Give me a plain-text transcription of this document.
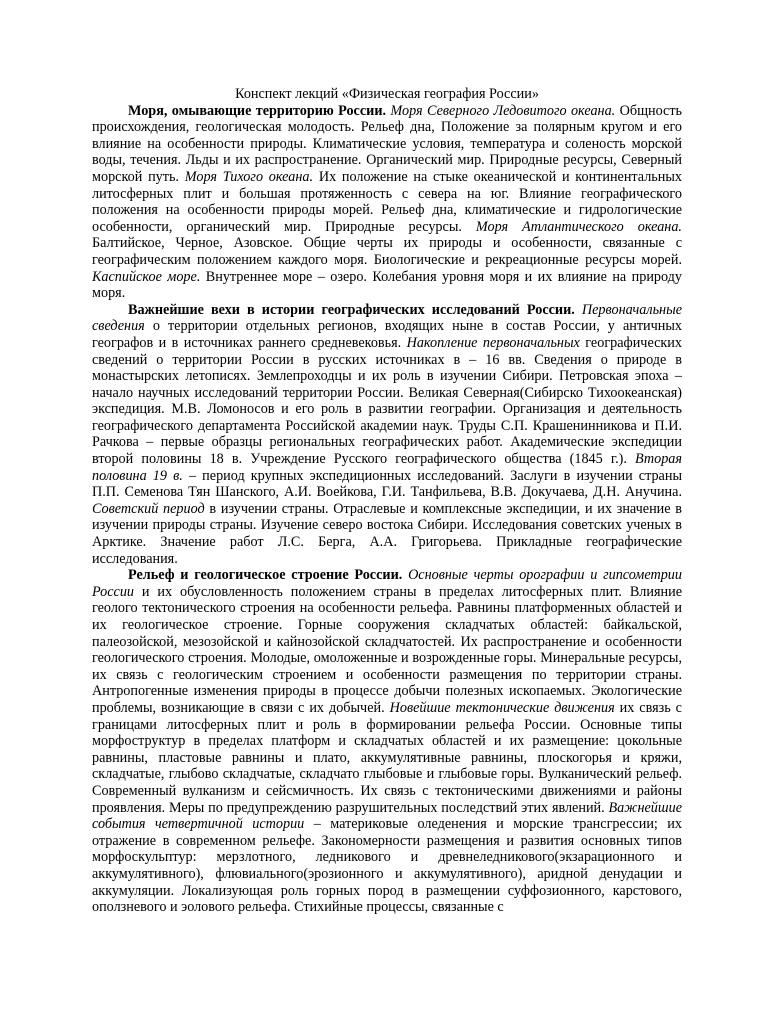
Конспект лекций «Физическая география России»

Моря, омывающие территорию России. Моря Северного Ледовитого океана. Общность происхождения, геологическая молодость. Рельеф дна, Положение за полярным кругом и его влияние на особенности природы. Климатические условия, температура и соленость морской воды, течения. Льды и их распространение. Органический мир. Природные ресурсы, Северный морской путь. Моря Тихого океана. Их положение на стыке океанической и континентальных литосферных плит и большая протяженность с севера на юг. Влияние географического положения на особенности природы морей. Рельеф дна, климатические и гидрологические особенности, органический мир. Природные ресурсы. Моря Атлантического океана. Балтийское, Черное, Азовское. Общие черты их природы и особенности, связанные с географическим положением каждого моря. Биологические и рекреационные ресурсы морей. Каспийское море. Внутреннее море – озеро. Колебания уровня моря и их влияние на природу моря.

Важнейшие вехи в истории географических исследований России. Первоначальные сведения о территории отдельных регионов, входящих ныне в состав России, у античных географов и в источниках раннего средневековья. Накопление первоначальных географических сведений о территории России в русских источниках в – 16 вв. Сведения о природе в монастырских летописях. Землепроходцы и их роль в изучении Сибири. Петровская эпоха – начало научных исследований территории России. Великая Северная(Сибирско Тихоокеанская) экспедиция. М.В. Ломоносов и его роль в развитии географии. Организация и деятельность географического департамента Российской академии наук. Труды С.П. Крашенинникова и П.И. Рачкова – первые образцы региональных географических работ. Академические экспедиции второй половины 18 в. Учреждение Русского географического общества (1845 г.). Вторая половина 19 в. – период крупных экспедиционных исследований. Заслуги в изучении страны П.П. Семенова Тян Шанского, А.И. Воейкова, Г.И. Танфильева, В.В. Докучаева, Д.Н. Анучина. Советский период в изучении страны. Отраслевые и комплексные экспедиции, и их значение в изучении природы страны. Изучение северо востока Сибири. Исследования советских ученых в Арктике. Значение работ Л.С. Берга, А.А. Григорьева. Прикладные географические исследования.

Рельеф и геологическое строение России. Основные черты орографии и гипсометрии России и их обусловленность положением страны в пределах литосферных плит. Влияние геолого тектонического строения на особенности рельефа. Равнины платформенных областей и их геологическое строение. Горные сооружения складчатых областей: байкальской, палеозойской, мезозойской и кайнозойской складчатостей. Их распространение и особенности геологического строения. Молодые, омоложенные и возрожденные горы. Минеральные ресурсы, их связь с геологическим строением и особенности размещения по территории страны. Антропогенные изменения природы в процессе добычи полезных ископаемых. Экологические проблемы, возникающие в связи с их добычей. Новейшие тектонические движения их связь с границами литосферных плит и роль в формировании рельефа России. Основные типы морфоструктур в пределах платформ и складчатых областей и их размещение: цокольные равнины, пластовые равнины и плато, аккумулятивные равнины, плоскогорья и кряжи, складчатые, глыбово складчатые, складчато глыбовые и глыбовые горы. Вулканический рельеф. Современный вулканизм и сейсмичность. Их связь с тектоническими движениями и районы проявления. Меры по предупреждению разрушительных последствий этих явлений. Важнейшие события четвертичной истории – материковые оледенения и морские трансгрессии; их отражение в современном рельефе. Закономерности размещения и развития основных типов морфоскульптур: мерзлотного, ледникового и древнеледникового(экзарационного и аккумулятивного), флювиального(эрозионного и аккумулятивного), аридной денудации и аккумуляции. Локализующая роль горных пород в размещении суффозионного, карстового, оползневого и эолового рельефа. Стихийные процессы, связанные с
